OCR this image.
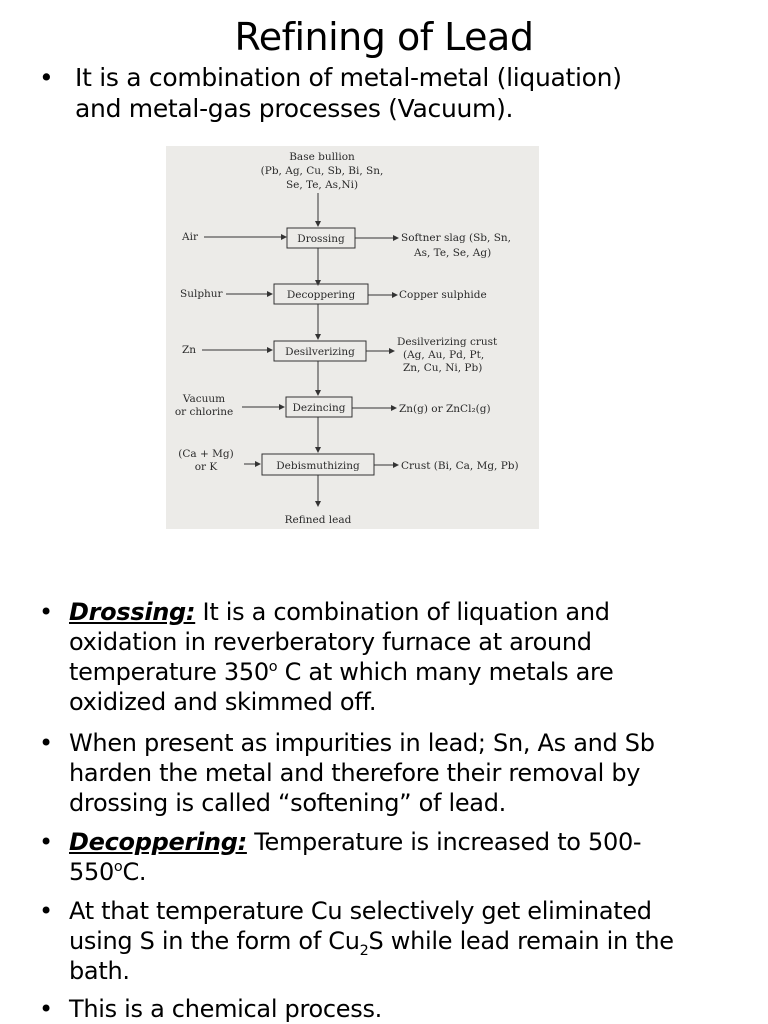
Refining of Lead
• It is a combination of metal-metal (liquation)
and metal-gas processes (Vacuum).
Base bullion
(Pb, Ag, Cu, Sb, Bi, Sn,
Se, Te, As,Ni)
Air	Drossing	Softner slag (Sb, Sn,
As, Te, Se, Ag)
Sulphur	Decoppering	Copper sulphide
Zn	Desilverizing
Desilverizing crust
(Ag, Au, Pd, Pt,
Zn, Cu, Ni, Pb)
Vacuum
or chlorine	Dezincing	Zn(g) or ZnCl₂(g)
(Ca + Mg)
or K	Debismuthizing	Crust (Bi, Ca, Mg, Pb)
Refined lead
• Drossing: It is a combination of liquation and
oxidation in reverberatory furnace at around
temperature 350$^o$ C at which many metals are
oxidized and skimmed off.
• When present as impurities in lead; Sn, As and Sb
harden the metal and therefore their removal by
drossing is called “softening” of lead.
• Decoppering: Temperature is increased to 500-
550$^o$C.
• At that temperature Cu selectively get eliminated
using S in the form of $Cu_2S$ while lead remain in the
bath.
• This is a chemical process.
